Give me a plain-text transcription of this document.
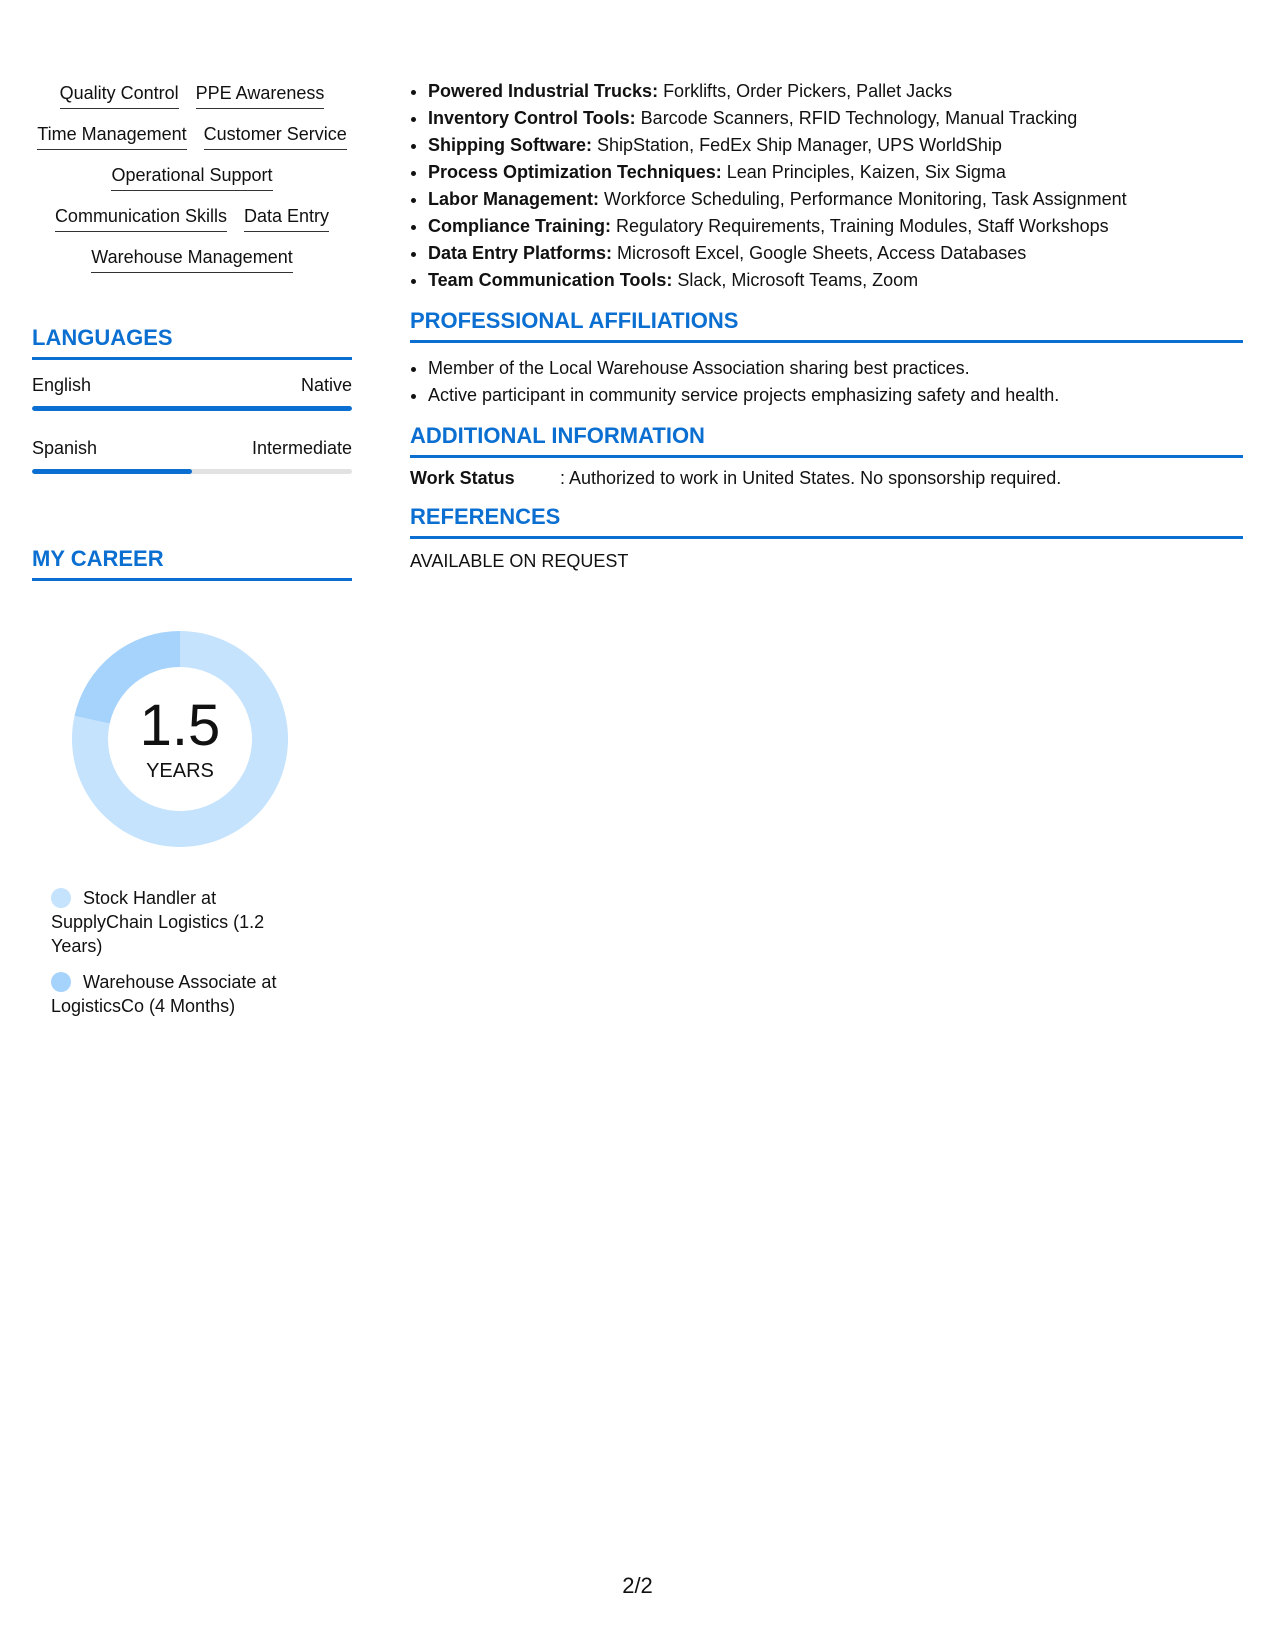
Quality Control PPE Awareness
Time Management Customer Service
Operational Support
Communication Skills Data Entry
Warehouse Management
LANGUAGES
English	Native
Spanish	Intermediate
MY CAREER
1.5
YEARS
Stock Handler at SupplyChain Logistics (1.2 Years)
Warehouse Associate at LogisticsCo (4 Months)
• Powered Industrial Trucks: Forklifts, Order Pickers, Pallet Jacks
• Inventory Control Tools: Barcode Scanners, RFID Technology, Manual Tracking
• Shipping Software: ShipStation, FedEx Ship Manager, UPS WorldShip
• Process Optimization Techniques: Lean Principles, Kaizen, Six Sigma
• Labor Management: Workforce Scheduling, Performance Monitoring, Task Assignment
• Compliance Training: Regulatory Requirements, Training Modules, Staff Workshops
• Data Entry Platforms: Microsoft Excel, Google Sheets, Access Databases
• Team Communication Tools: Slack, Microsoft Teams, Zoom
PROFESSIONAL AFFILIATIONS
• Member of the Local Warehouse Association sharing best practices.
• Active participant in community service projects emphasizing safety and health.
ADDITIONAL INFORMATION
Work Status	: Authorized to work in United States. No sponsorship required.
REFERENCES
AVAILABLE ON REQUEST
2/2
